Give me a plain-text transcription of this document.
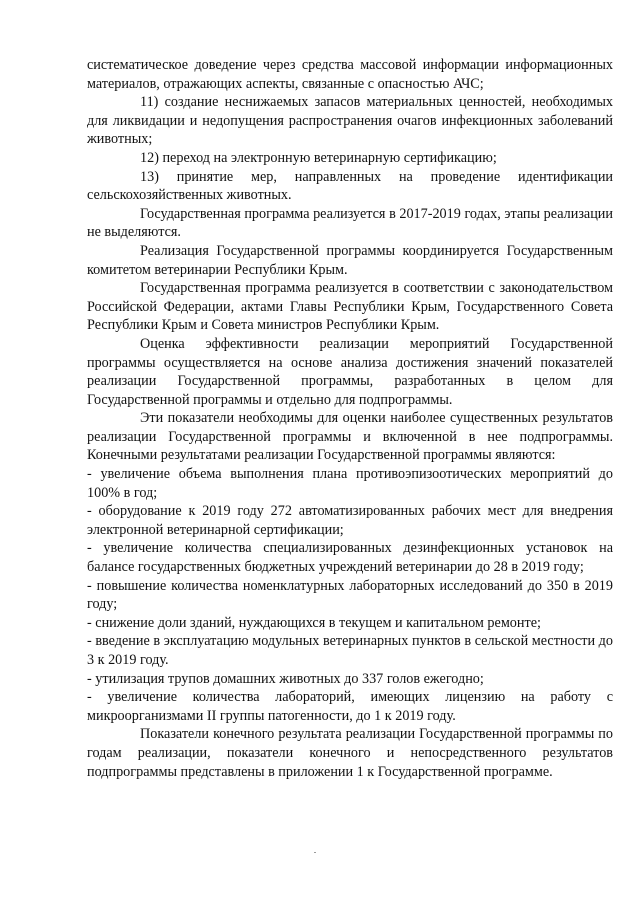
систематическое доведение через средства массовой информации информационных материалов, отражающих аспекты, связанные с опасностью АЧС;

11) создание неснижаемых запасов материальных ценностей, необходимых для ликвидации и недопущения распространения очагов инфекционных заболеваний животных;

12) переход на электронную ветеринарную сертификацию;

13) принятие мер, направленных на проведение идентификации сельскохозяйственных животных.

Государственная программа реализуется в 2017-2019 годах, этапы реализации не выделяются.

Реализация Государственной программы координируется Государственным комитетом ветеринарии Республики Крым.

Государственная программа реализуется в соответствии с законодательством Российской Федерации, актами Главы Республики Крым, Государственного Совета Республики Крым и Совета министров Республики Крым.

Оценка эффективности реализации мероприятий Государственной программы осуществляется на основе анализа достижения значений показателей реализации Государственной программы, разработанных в целом для Государственной программы и отдельно для подпрограммы.

Эти показатели необходимы для оценки наиболее существенных результатов реализации Государственной программы и включенной в нее подпрограммы. Конечными результатами реализации Государственной программы являются:

- увеличение объема выполнения плана противоэпизоотических мероприятий до 100% в год;

- оборудование к 2019 году 272 автоматизированных рабочих мест для внедрения электронной ветеринарной сертификации;

- увеличение количества специализированных дезинфекционных установок на балансе государственных бюджетных учреждений ветеринарии до 28 в 2019 году;

- повышение количества номенклатурных лабораторных исследований до 350 в 2019 году;

- снижение доли зданий, нуждающихся в текущем и капитальном ремонте;

- введение в эксплуатацию модульных ветеринарных пунктов в сельской местности до 3 к 2019 году.

- утилизация трупов домашних животных до 337 голов ежегодно;

- увеличение количества лабораторий, имеющих лицензию на работу с микроорганизмами II группы патогенности, до 1 к 2019 году.

Показатели конечного результата реализации Государственной программы по годам реализации, показатели конечного и непосредственного результатов подпрограммы представлены в приложении 1 к Государственной программе.
